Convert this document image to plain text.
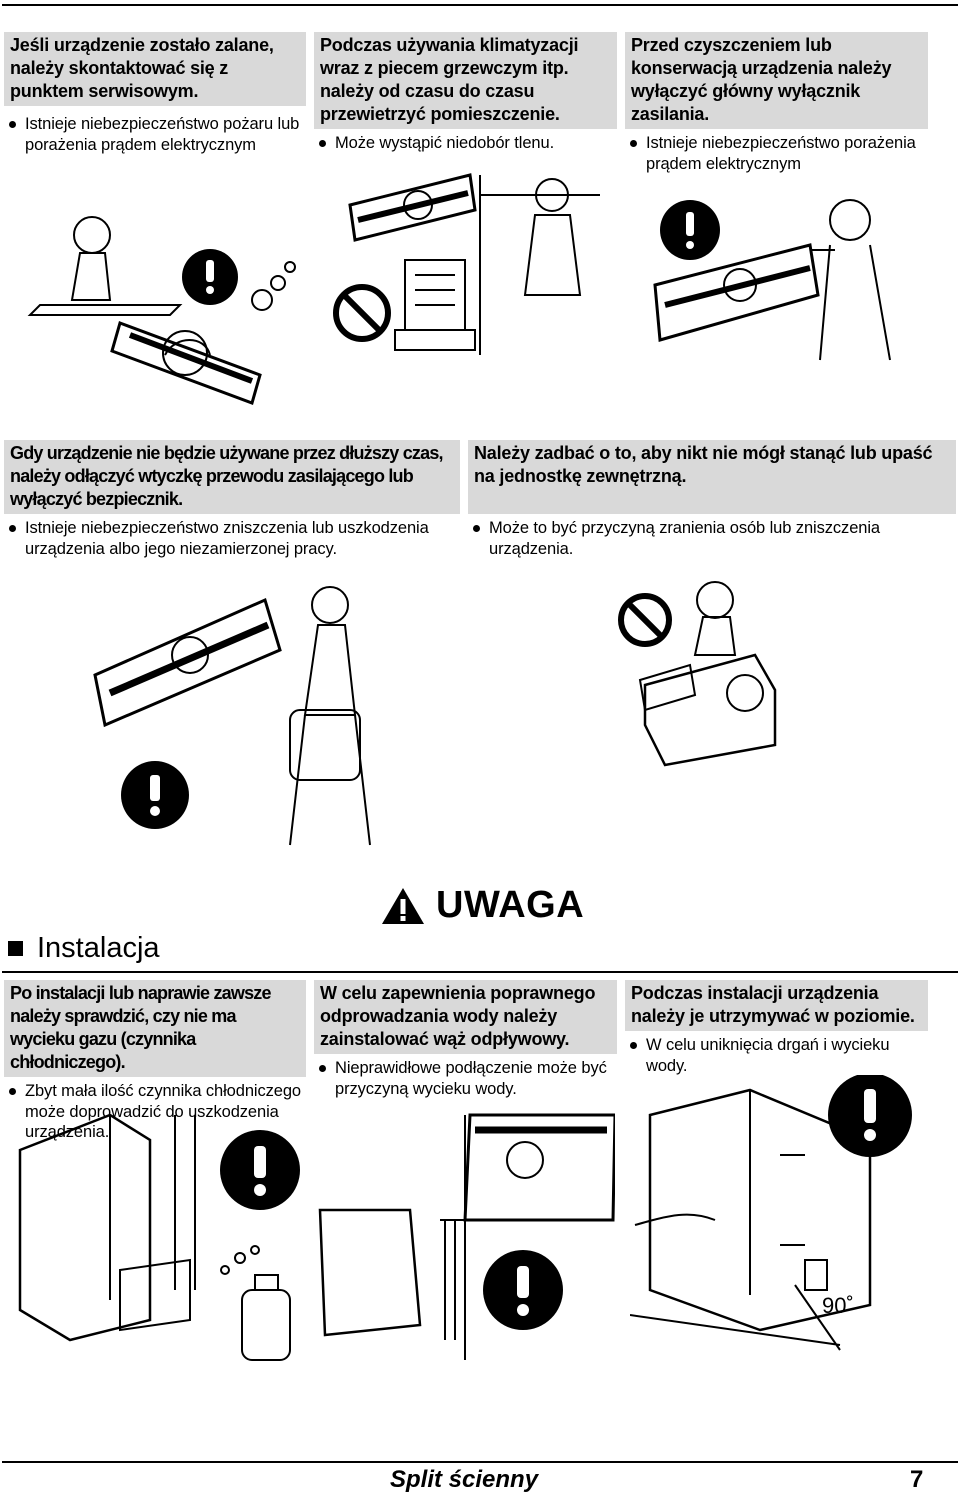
Jeśli urządzenie zostało zalane, należy skontaktować się z punktem serwisowym.
Istnieje niebezpieczeństwo pożaru lub porażenia prądem elektrycznym
Podczas używania klimatyzacji wraz z piecem grzewczym itp. należy od czasu do czasu przewietrzyć pomieszczenie.
Może wystąpić niedobór tlenu.
Przed czyszczeniem lub konserwacją urządzenia należy wyłączyć główny wyłącznik zasilania.
Istnieje niebezpieczeństwo porażenia prądem elektrycznym
Gdy urządzenie nie będzie używane przez dłuższy czas, należy odłączyć wtyczkę przewodu zasilającego lub wyłączyć bezpiecznik.
Istnieje niebezpieczeństwo zniszczenia lub uszkodzenia urządzenia albo jego niezamierzonej pracy.
Należy zadbać o to, aby nikt nie mógł stanąć lub upaść na jednostkę zewnętrzną.
Może to być przyczyną zranienia osób lub zniszczenia urządzenia.
UWAGA
Instalacja
Po instalacji lub naprawie zawsze należy sprawdzić, czy nie ma wycieku gazu (czynnika chłodniczego).
Zbyt mała ilość czynnika chłodniczego może doprowadzić do uszkodzenia urządzenia.
W celu zapewnienia poprawnego odprowadzania wody należy zainstalować wąż odpływowy.
Nieprawidłowe podłączenie może być przyczyną wycieku wody.
Podczas instalacji urządzenia należy je utrzymywać w poziomie.
W celu uniknięcia drgań i wycieku wody.
90˚
Split ścienny	7
